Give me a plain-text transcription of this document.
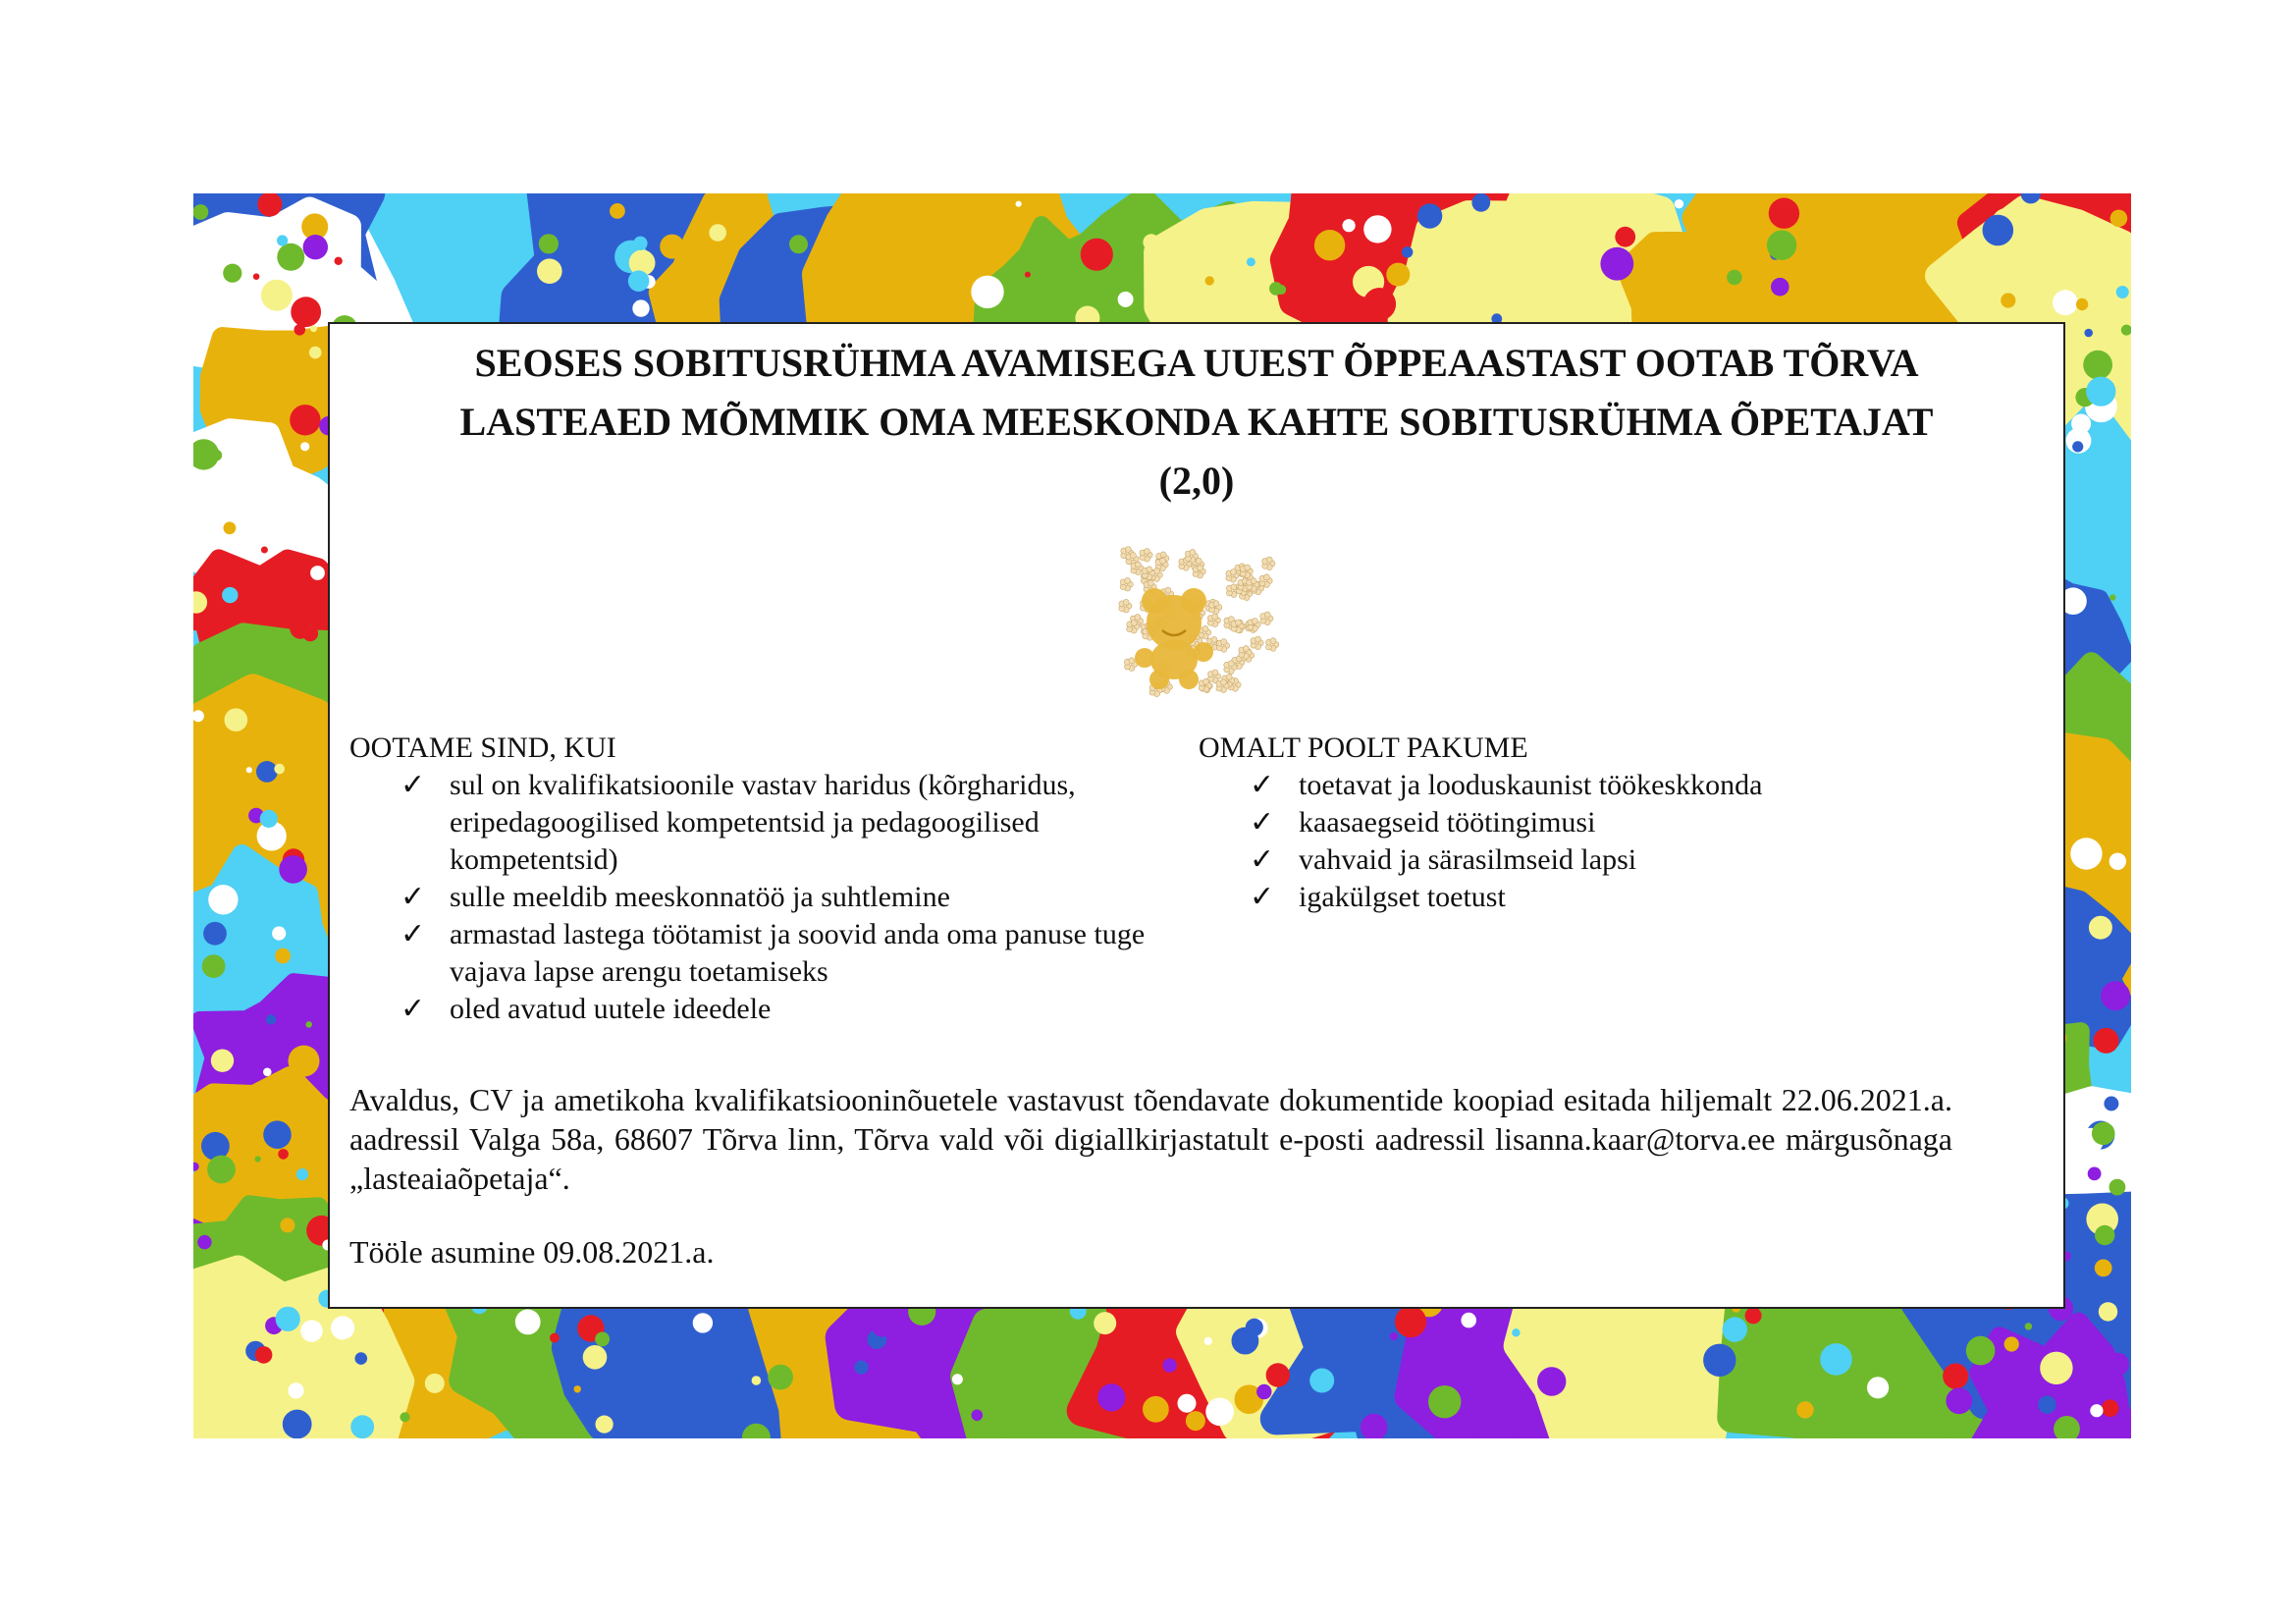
SEOSES SOBITUSRÜHMA AVAMISEGA UUEST ÕPPEAASTAST OOTAB TÕRVA
LASTEAED MÕMMIK OMA MEESKONDA KAHTE SOBITUSRÜHMA ÕPETAJAT
(2,0)
OOTAME SIND, KUI
✓ sul on kvalifikatsioonile vastav haridus (kõrgharidus, eripedagoogilised kompetentsid ja pedagoogilised kompetentsid)
✓ sulle meeldib meeskonnatöö ja suhtlemine
✓ armastad lastega töötamist ja soovid anda oma panuse tuge vajava lapse arengu toetamiseks
✓ oled avatud uutele ideedele
OMALT POOLT PAKUME
✓ toetavat ja looduskaunist töökeskkonda
✓ kaasaegseid töötingimusi
✓ vahvaid ja särasilmseid lapsi
✓ igakülgset toetust
Avaldus, CV ja ametikoha kvalifikatsiooninõuetele vastavust tõendavate dokumentide koopiad esitada hiljemalt 22.06.2021.a. aadressil Valga 58a, 68607 Tõrva linn, Tõrva vald või digiallkirjastatult e-posti aadressil lisanna.kaar@torva.ee märgusõnaga „lasteaiaõpetaja“.
Tööle asumine 09.08.2021.a.
